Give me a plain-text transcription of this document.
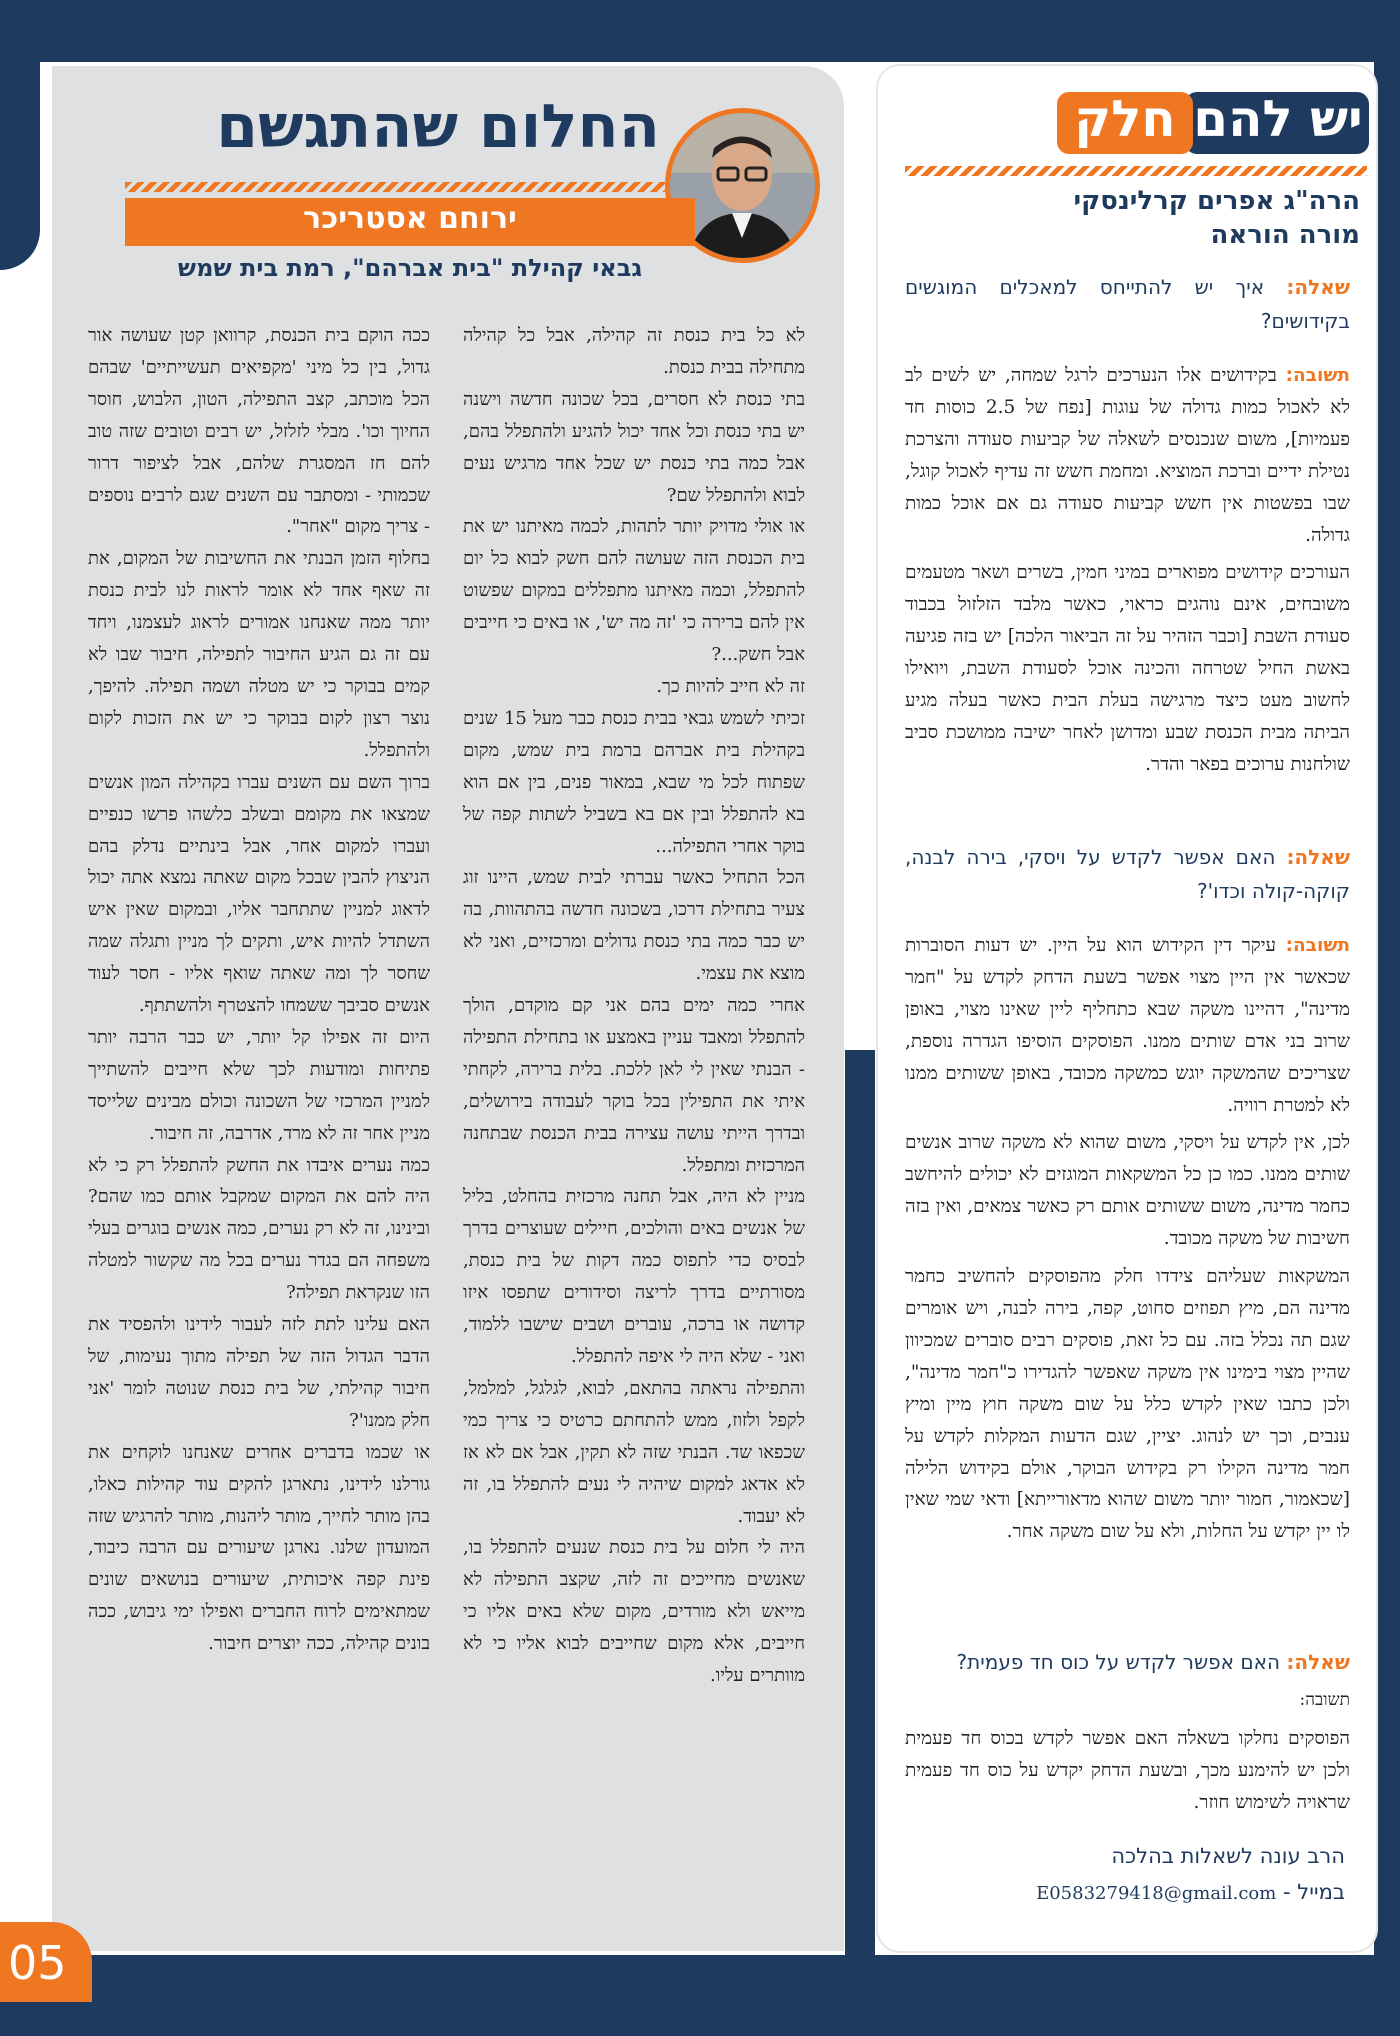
יש להם
חלק
הרה"ג אפרים קרלינסקי
מורה הוראה

שאלה: איך יש להתייחס למאכלים המוגשים בקידושים?

תשובה: בקידושים אלו הנערכים לרגל שמחה, יש לשים לב לא לאכול כמות גדולה של עוגות [נפח של 2.5 כוסות חד פעמיות], משום שנכנסים לשאלה של קביעות סעודה והצרכת נטילת ידיים וברכת המוציא. ומחמת חשש זה עדיף לאכול קוגל, שבו בפשטות אין חשש קביעות סעודה גם אם אוכל כמות גדולה.

העורכים קידושים מפוארים במיני חמין, בשרים ושאר מטעמים משובחים, אינם נוהגים כראוי, כאשר מלבד הזלזול בכבוד סעודת השבת [וכבר הזהיר על זה הביאור הלכה] יש בזה פגיעה באשת החיל שטרחה והכינה אוכל לסעודת השבת, ויואילו לחשוב מעט כיצד מרגישה בעלת הבית כאשר בעלה מגיע הביתה מבית הכנסת שבע ומדושן לאחר ישיבה ממושכת סביב שולחנות ערוכים בפאר והדר.

שאלה: האם אפשר לקדש על ויסקי, בירה לבנה, קוקה-קולה וכדו'?

תשובה: עיקר דין הקידוש הוא על היין. יש דעות הסוברות שכאשר אין היין מצוי אפשר בשעת הדחק לקדש על "חמר מדינה", דהיינו משקה שבא כתחליף ליין שאינו מצוי, באופן שרוב בני אדם שותים ממנו. הפוסקים הוסיפו הגדרה נוספת, שצריכים שהמשקה יוגש כמשקה מכובד, באופן ששותים ממנו לא למטרת רוויה.

לכן, אין לקדש על ויסקי, משום שהוא לא משקה שרוב אנשים שותים ממנו. כמו כן כל המשקאות המוגזים לא יכולים להיחשב כחמר מדינה, משום ששותים אותם רק כאשר צמאים, ואין בזה חשיבות של משקה מכובד.

המשקאות שעליהם צידדו חלק מהפוסקים להחשיב כחמר מדינה הם, מיץ תפוזים סחוט, קפה, בירה לבנה, ויש אומרים שגם תה נכלל בזה. עם כל זאת, פוסקים רבים סוברים שמכיוון שהיין מצוי בימינו אין משקה שאפשר להגדירו כ"חמר מדינה", ולכן כתבו שאין לקדש כלל על שום משקה חוץ מיין ומיץ ענבים, וכך יש לנהוג. יציין, שגם הדעות המקלות לקדש על חמר מדינה הקילו רק בקידוש הבוקר, אולם בקידוש הלילה [שכאמור, חמור יותר משום שהוא מדאורייתא] ודאי שמי שאין לו יין יקדש על החלות, ולא על שום משקה אחר.

שאלה: האם אפשר לקדש על כוס חד פעמית?

תשובה:

הפוסקים נחלקו בשאלה האם אפשר לקדש בכוס חד פעמית ולכן יש להימנע מכך, ובשעת הדחק יקדש על כוס חד פעמית שראויה לשימוש חוזר.

הרב עונה לשאלות בהלכה
במייל - E0583279418@gmail.com
החלום שהתגשם
ירוחם אסטריכר
גבאי קהילת "בית אברהם", רמת בית שמש

לא כל בית כנסת זה קהילה, אבל כל קהילה מתחילה בבית כנסת.

בתי כנסת לא חסרים, בכל שכונה חדשה וישנה יש בתי כנסת וכל אחד יכול להגיע ולהתפלל בהם, אבל כמה בתי כנסת יש שכל אחד מרגיש נעים לבוא ולהתפלל שם?

או אולי מדויק יותר לתהות, לכמה מאיתנו יש את בית הכנסת הזה שעושה להם חשק לבוא כל יום להתפלל, וכמה מאיתנו מתפללים במקום שפשוט אין להם ברירה כי 'זה מה יש', או באים כי חייבים אבל חשק...?

זה לא חייב להיות כך.

זכיתי לשמש גבאי בבית כנסת כבר מעל 15 שנים בקהילת בית אברהם ברמת בית שמש, מקום שפתוח לכל מי שבא, במאור פנים, בין אם הוא בא להתפלל ובין אם בא בשביל לשתות קפה של בוקר אחרי התפילה...

הכל התחיל כאשר עברתי לבית שמש, היינו זוג צעיר בתחילת דרכו, בשכונה חדשה בהתהוות, בה יש כבר כמה בתי כנסת גדולים ומרכזיים, ואני לא מוצא את עצמי.

אחרי כמה ימים בהם אני קם מוקדם, הולך להתפלל ומאבד עניין באמצע או בתחילת התפילה - הבנתי שאין לי לאן ללכת. בלית ברירה, לקחתי איתי את התפילין בכל בוקר לעבודה בירושלים, ובדרך הייתי עושה עצירה בבית הכנסת שבתחנה המרכזית ומתפלל.

מניין לא היה, אבל תחנה מרכזית בהחלט, בליל של אנשים באים והולכים, חיילים שעוצרים בדרך לבסיס כדי לתפוס כמה דקות של בית כנסת, מסורתיים בדרך לריצה וסידורים שתפסו איזו קדושה או ברכה, עוברים ושבים שישבו ללמוד, ואני - שלא היה לי איפה להתפלל.

והתפילה נראתה בהתאם, לבוא, לגלגל, למלמל, לקפל ולזוז, ממש להתחתם כרטיס כי צריך כמי שכפאו שד. הבנתי שזה לא תקין, אבל אם לא אז לא אדאג למקום שיהיה לי נעים להתפלל בו, זה לא יעבוד.

היה לי חלום על בית כנסת שנעים להתפלל בו, שאנשים מחייכים זה לזה, שקצב התפילה לא מייאש ולא מורדים, מקום שלא באים אליו כי חייבים, אלא מקום שחייבים לבוא אליו כי לא מוותרים עליו.

ככה הוקם בית הכנסת, קרוואן קטן שעושה אור גדול, בין כל מיני 'מקפיאים תעשייתיים' שבהם הכל מוכתב, קצב התפילה, הטון, הלבוש, חוסר החיוך וכו'. מבלי לזלזל, יש רבים וטובים שזה טוב להם חז המסגרת שלהם, אבל לציפור דרור שכמותי - ומסתבר עם השנים שגם לרבים נוספים - צריך מקום "אחר".

בחלוף הזמן הבנתי את החשיבות של המקום, את זה שאף אחד לא אומר לראות לנו לבית כנסת יותר ממה שאנחנו אמורים לראוג לעצמנו, ויחד עם זה גם הגיע החיבור לתפילה, חיבור שבו לא קמים בבוקר כי יש מטלה ושמה תפילה. להיפך, נוצר רצון לקום בבוקר כי יש את הזכות לקום ולהתפלל.

ברוך השם עם השנים עברו בקהילה המון אנשים שמצאו את מקומם ובשלב כלשהו פרשו כנפיים ועברו למקום אחר, אבל בינתיים נדלק בהם הניצוץ להבין שבכל מקום שאתה נמצא אתה יכול לדאוג למניין שתתחבר אליו, ובמקום שאין איש השתדל להיות איש, ותקים לך מניין ותגלה שמה שחסר לך ומה שאתה שואף אליו - חסר לעוד אנשים סביבך ששמחו להצטרף ולהשתתף.

היום זה אפילו קל יותר, יש כבר הרבה יותר פתיחות ומודעות לכך שלא חייבים להשתייך למניין המרכזי של השכונה וכולם מבינים שלייסד מניין אחר זה לא מרד, אדרבה, זה חיבור.

כמה נערים איבדו את החשק להתפלל רק כי לא היה להם את המקום שמקבל אותם כמו שהם? ובינינו, זה לא רק נערים, כמה אנשים בוגרים בעלי משפחה הם בגדר נערים בכל מה שקשור למטלה הזו שנקראת תפילה?

האם עלינו לתת לזה לעבור לידינו ולהפסיד את הדבר הגדול הזה של תפילה מתוך נעימות, של חיבור קהילתי, של בית כנסת שנוטה לומר 'אני חלק ממנו'?

או שכמו בדברים אחרים שאנחנו לוקחים את גורלנו לידינו, נתארגן להקים עוד קהילות כאלו, בהן מותר לחייך, מותר ליהנות, מותר להרגיש שזה המועדון שלנו. נארגן שיעורים עם הרבה כיבוד, פינת קפה איכותית, שיעורים בנושאים שונים שמתאימים לרוח החברים ואפילו ימי גיבוש, ככה בונים קהילה, ככה יוצרים חיבור.

05
